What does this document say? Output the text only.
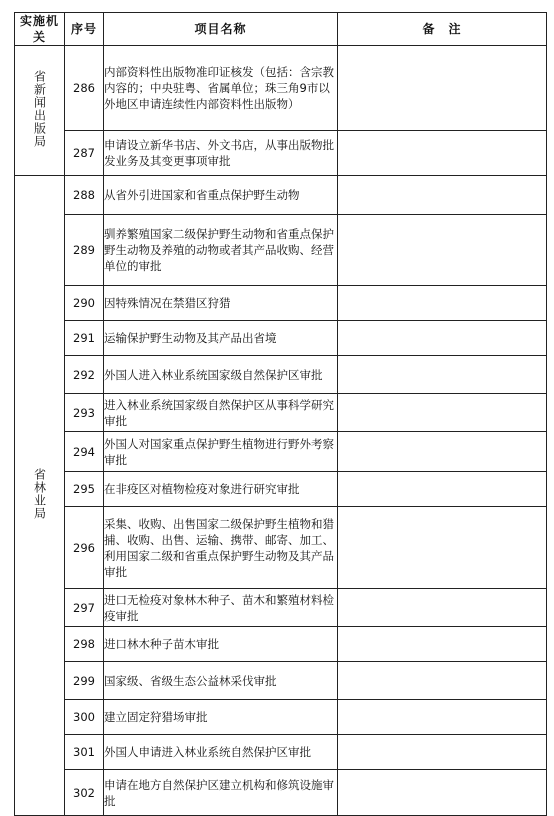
实施机关	序号	项目名称	备　注
省新闻出版局	286	内部资料性出版物准印证核发（包括：含宗教内容的；中央驻粤、省属单位；珠三角9市以外地区申请连续性内部资料性出版物）	
	287	申请设立新华书店、外文书店，从事出版物批发业务及其变更事项审批	
省林业局	288	从省外引进国家和省重点保护野生动物	
	289	驯养繁殖国家二级保护野生动物和省重点保护野生动物及养殖的动物或者其产品收购、经营单位的审批	
	290	因特殊情况在禁猎区狩猎	
	291	运输保护野生动物及其产品出省境	
	292	外国人进入林业系统国家级自然保护区审批	
	293	进入林业系统国家级自然保护区从事科学研究审批	
	294	外国人对国家重点保护野生植物进行野外考察审批	
	295	在非疫区对植物检疫对象进行研究审批	
	296	采集、收购、出售国家二级保护野生植物和猎捕、收购、出售、运输、携带、邮寄、加工、利用国家二级和省重点保护野生动物及其产品审批	
	297	进口无检疫对象林木种子、苗木和繁殖材料检疫审批	
	298	进口林木种子苗木审批	
	299	国家级、省级生态公益林采伐审批	
	300	建立固定狩猎场审批	
	301	外国人申请进入林业系统自然保护区审批	
	302	申请在地方自然保护区建立机构和修筑设施审批	
